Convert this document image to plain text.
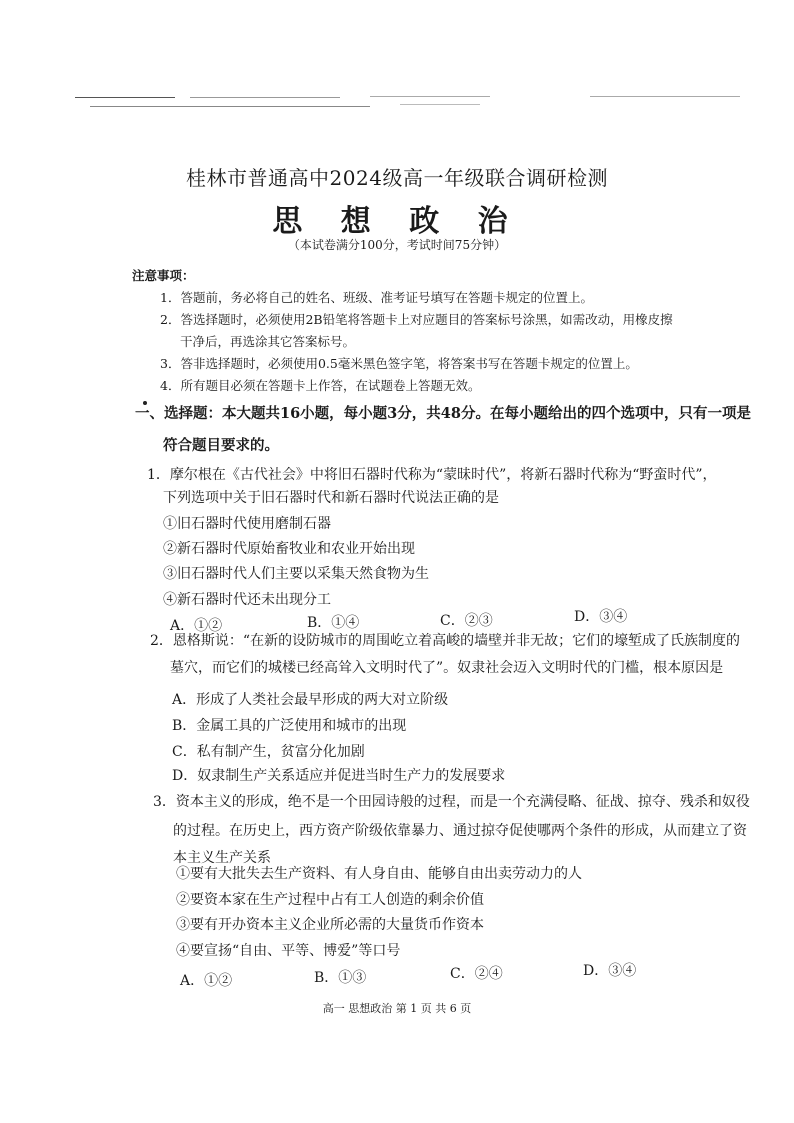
桂林市普通高中2024级高一年级联合调研检测
思 想 政 治
（本试卷满分100分，考试时间75分钟）
注意事项：
1．答题前，务必将自己的姓名、班级、准考证号填写在答题卡规定的位置上。
2．答选择题时，必须使用2B铅笔将答题卡上对应题目的答案标号涂黑，如需改动，用橡皮擦
干净后，再选涂其它答案标号。
3．答非选择题时，必须使用0.5毫米黑色签字笔，将答案书写在答题卡规定的位置上。
4．所有题目必须在答题卡上作答，在试题卷上答题无效。
一、选择题：本大题共16小题，每小题3分，共48分。在每小题给出的四个选项中，只有一项是
符合题目要求的。
1．摩尔根在《古代社会》中将旧石器时代称为“蒙昧时代”，将新石器时代称为“野蛮时代”，
下列选项中关于旧石器时代和新石器时代说法正确的是
①旧石器时代使用磨制石器
②新石器时代原始畜牧业和农业开始出现
③旧石器时代人们主要以采集天然食物为生
④新石器时代还未出现分工
A．①②	B．①④	C．②③	D．③④
2．恩格斯说：“在新的设防城市的周围屹立着高峻的墙壁并非无故；它们的壕堑成了氏族制度的
墓穴，而它们的城楼已经高耸入文明时代了”。奴隶社会迈入文明时代的门槛，根本原因是
A．形成了人类社会最早形成的两大对立阶级
B．金属工具的广泛使用和城市的出现
C．私有制产生，贫富分化加剧
D．奴隶制生产关系适应并促进当时生产力的发展要求
3．资本主义的形成，绝不是一个田园诗般的过程，而是一个充满侵略、征战、掠夺、残杀和奴役
的过程。在历史上，西方资产阶级依靠暴力、通过掠夺促使哪两个条件的形成，从而建立了资
本主义生产关系
①要有大批失去生产资料、有人身自由、能够自由出卖劳动力的人
②要资本家在生产过程中占有工人创造的剩余价值
③要有开办资本主义企业所必需的大量货币作资本
④要宣扬“自由、平等、博爱”等口号
A．①②	B．①③	C．②④	D．③④
高一 思想政治 第 1 页 共 6 页
